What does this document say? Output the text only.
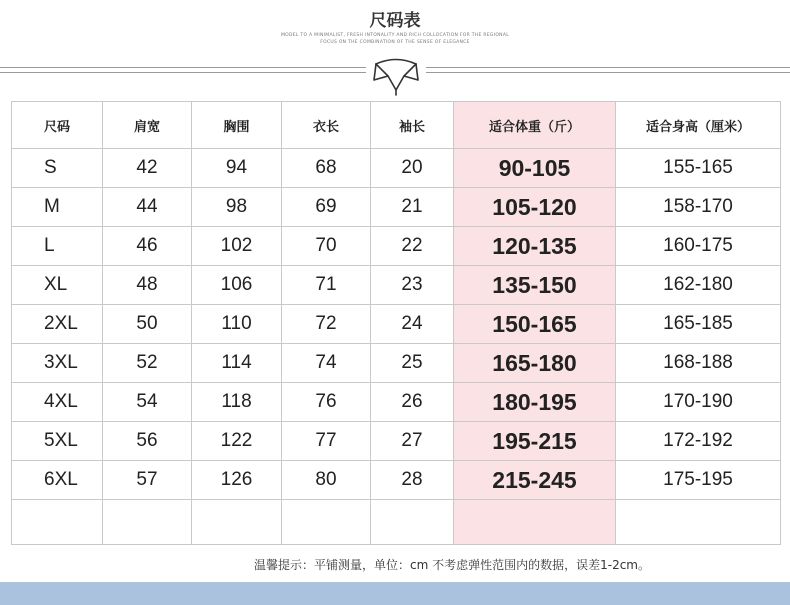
尺码表
MODEL TO A MINIMALIST, FRESH INTONALITY AND RICH COLLOCATION FOR THE REGIONAL
FOCUS ON THE COMBINATION OF THE SENSE OF ELEGANCE
尺码	肩宽	胸围	衣长	袖长	适合体重（斤）	适合身高（厘米）
S	42	94	68	20	90-105	155-165
M	44	98	69	21	105-120	158-170
L	46	102	70	22	120-135	160-175
XL	48	106	71	23	135-150	162-180
2XL	50	110	72	24	150-165	165-185
3XL	52	114	74	25	165-180	168-188
4XL	54	118	76	26	180-195	170-190
5XL	56	122	77	27	195-215	172-192
6XL	57	126	80	28	215-245	175-195

温馨提示：平铺测量，单位：cm 不考虑弹性范围内的数据，误差1-2cm。
